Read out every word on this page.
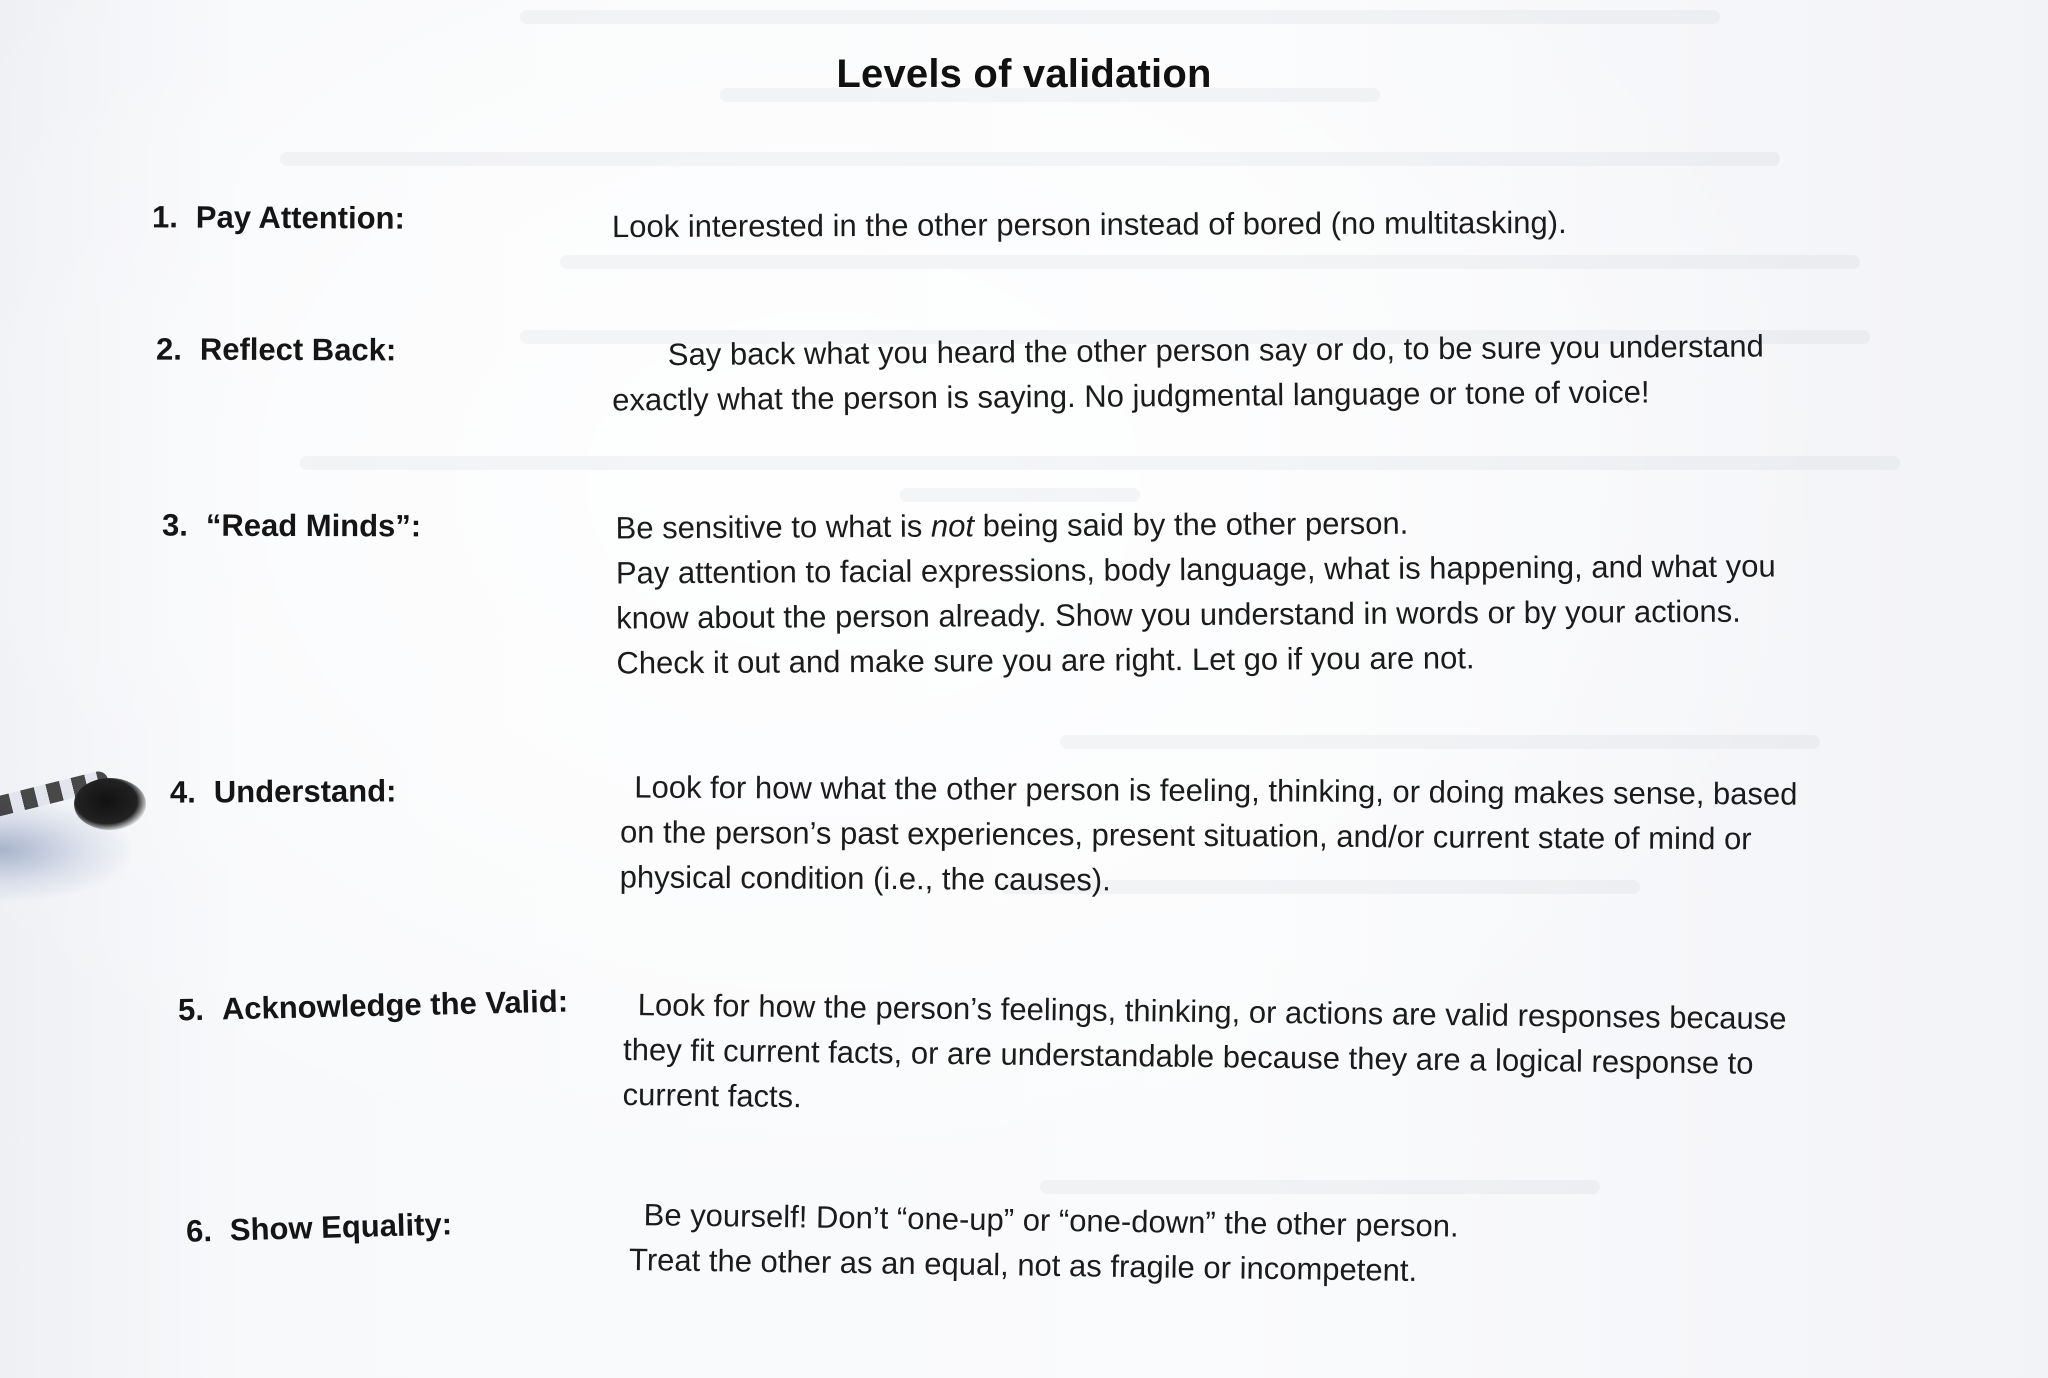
Levels of validation
1. Pay Attention:	Look interested in the other person instead of bored (no multitasking).

2. Reflect Back:	Say back what you heard the other person say or do, to be sure you understand

exactly what the person is saying. No judgmental language or tone of voice!

3. “Read Minds”:	Be sensitive to what is not being said by the other person.

Pay attention to facial expressions, body language, what is happening, and what you

know about the person already. Show you understand in words or by your actions.

Check it out and make sure you are right. Let go if you are not.

4. Understand:	Look for how what the other person is feeling, thinking, or doing makes sense, based

on the person’s past experiences, present situation, and/or current state of mind or

physical condition (i.e., the causes).

5. Acknowledge the Valid:	Look for how the person’s feelings, thinking, or actions are valid responses because

they fit current facts, or are understandable because they are a logical response to

current facts.

6. Show Equality:	Be yourself! Don’t “one-up” or “one-down” the other person.

Treat the other as an equal, not as fragile or incompetent.
